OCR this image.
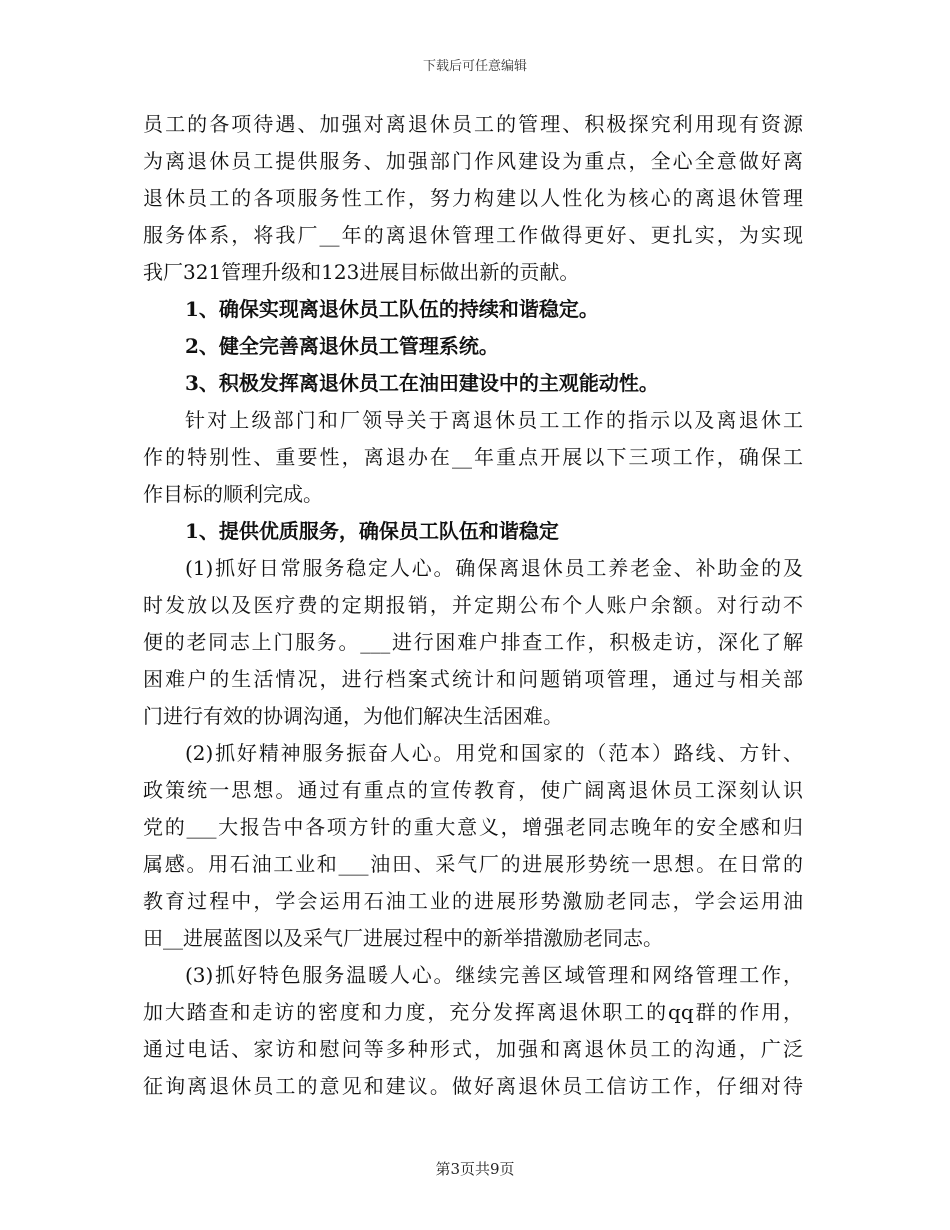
下载后可任意编辑

员工的各项待遇、加强对离退休员工的管理、积极探究利用现有资源

为离退休员工提供服务、加强部门作风建设为重点，全心全意做好离

退休员工的各项服务性工作，努力构建以人性化为核心的离退休管理

服务体系，将我厂__年的离退休管理工作做得更好、更扎实，为实现

我厂321管理升级和123进展目标做出新的贡献。

1、确保实现离退休员工队伍的持续和谐稳定。

2、健全完善离退休员工管理系统。

3、积极发挥离退休员工在油田建设中的主观能动性。

针对上级部门和厂领导关于离退休员工工作的指示以及离退休工

作的特别性、重要性，离退办在__年重点开展以下三项工作，确保工

作目标的顺利完成。

1、提供优质服务，确保员工队伍和谐稳定

(1)抓好日常服务稳定人心。确保离退休员工养老金、补助金的及

时发放以及医疗费的定期报销，并定期公布个人账户余额。对行动不

便的老同志上门服务。___进行困难户排查工作，积极走访，深化了解

困难户的生活情况，进行档案式统计和问题销项管理，通过与相关部

门进行有效的协调沟通，为他们解决生活困难。

(2)抓好精神服务振奋人心。用党和国家的（范本）路线、方针、

政策统一思想。通过有重点的宣传教育，使广阔离退休员工深刻认识

党的___大报告中各项方针的重大意义，增强老同志晚年的安全感和归

属感。用石油工业和___油田、采气厂的进展形势统一思想。在日常的

教育过程中，学会运用石油工业的进展形势激励老同志，学会运用油

田__进展蓝图以及采气厂进展过程中的新举措激励老同志。

(3)抓好特色服务温暖人心。继续完善区域管理和网络管理工作，

加大踏查和走访的密度和力度，充分发挥离退休职工的qq群的作用，

通过电话、家访和慰问等多种形式，加强和离退休员工的沟通，广泛

征询离退休员工的意见和建议。做好离退休员工信访工作，仔细对待

第3页共9页
